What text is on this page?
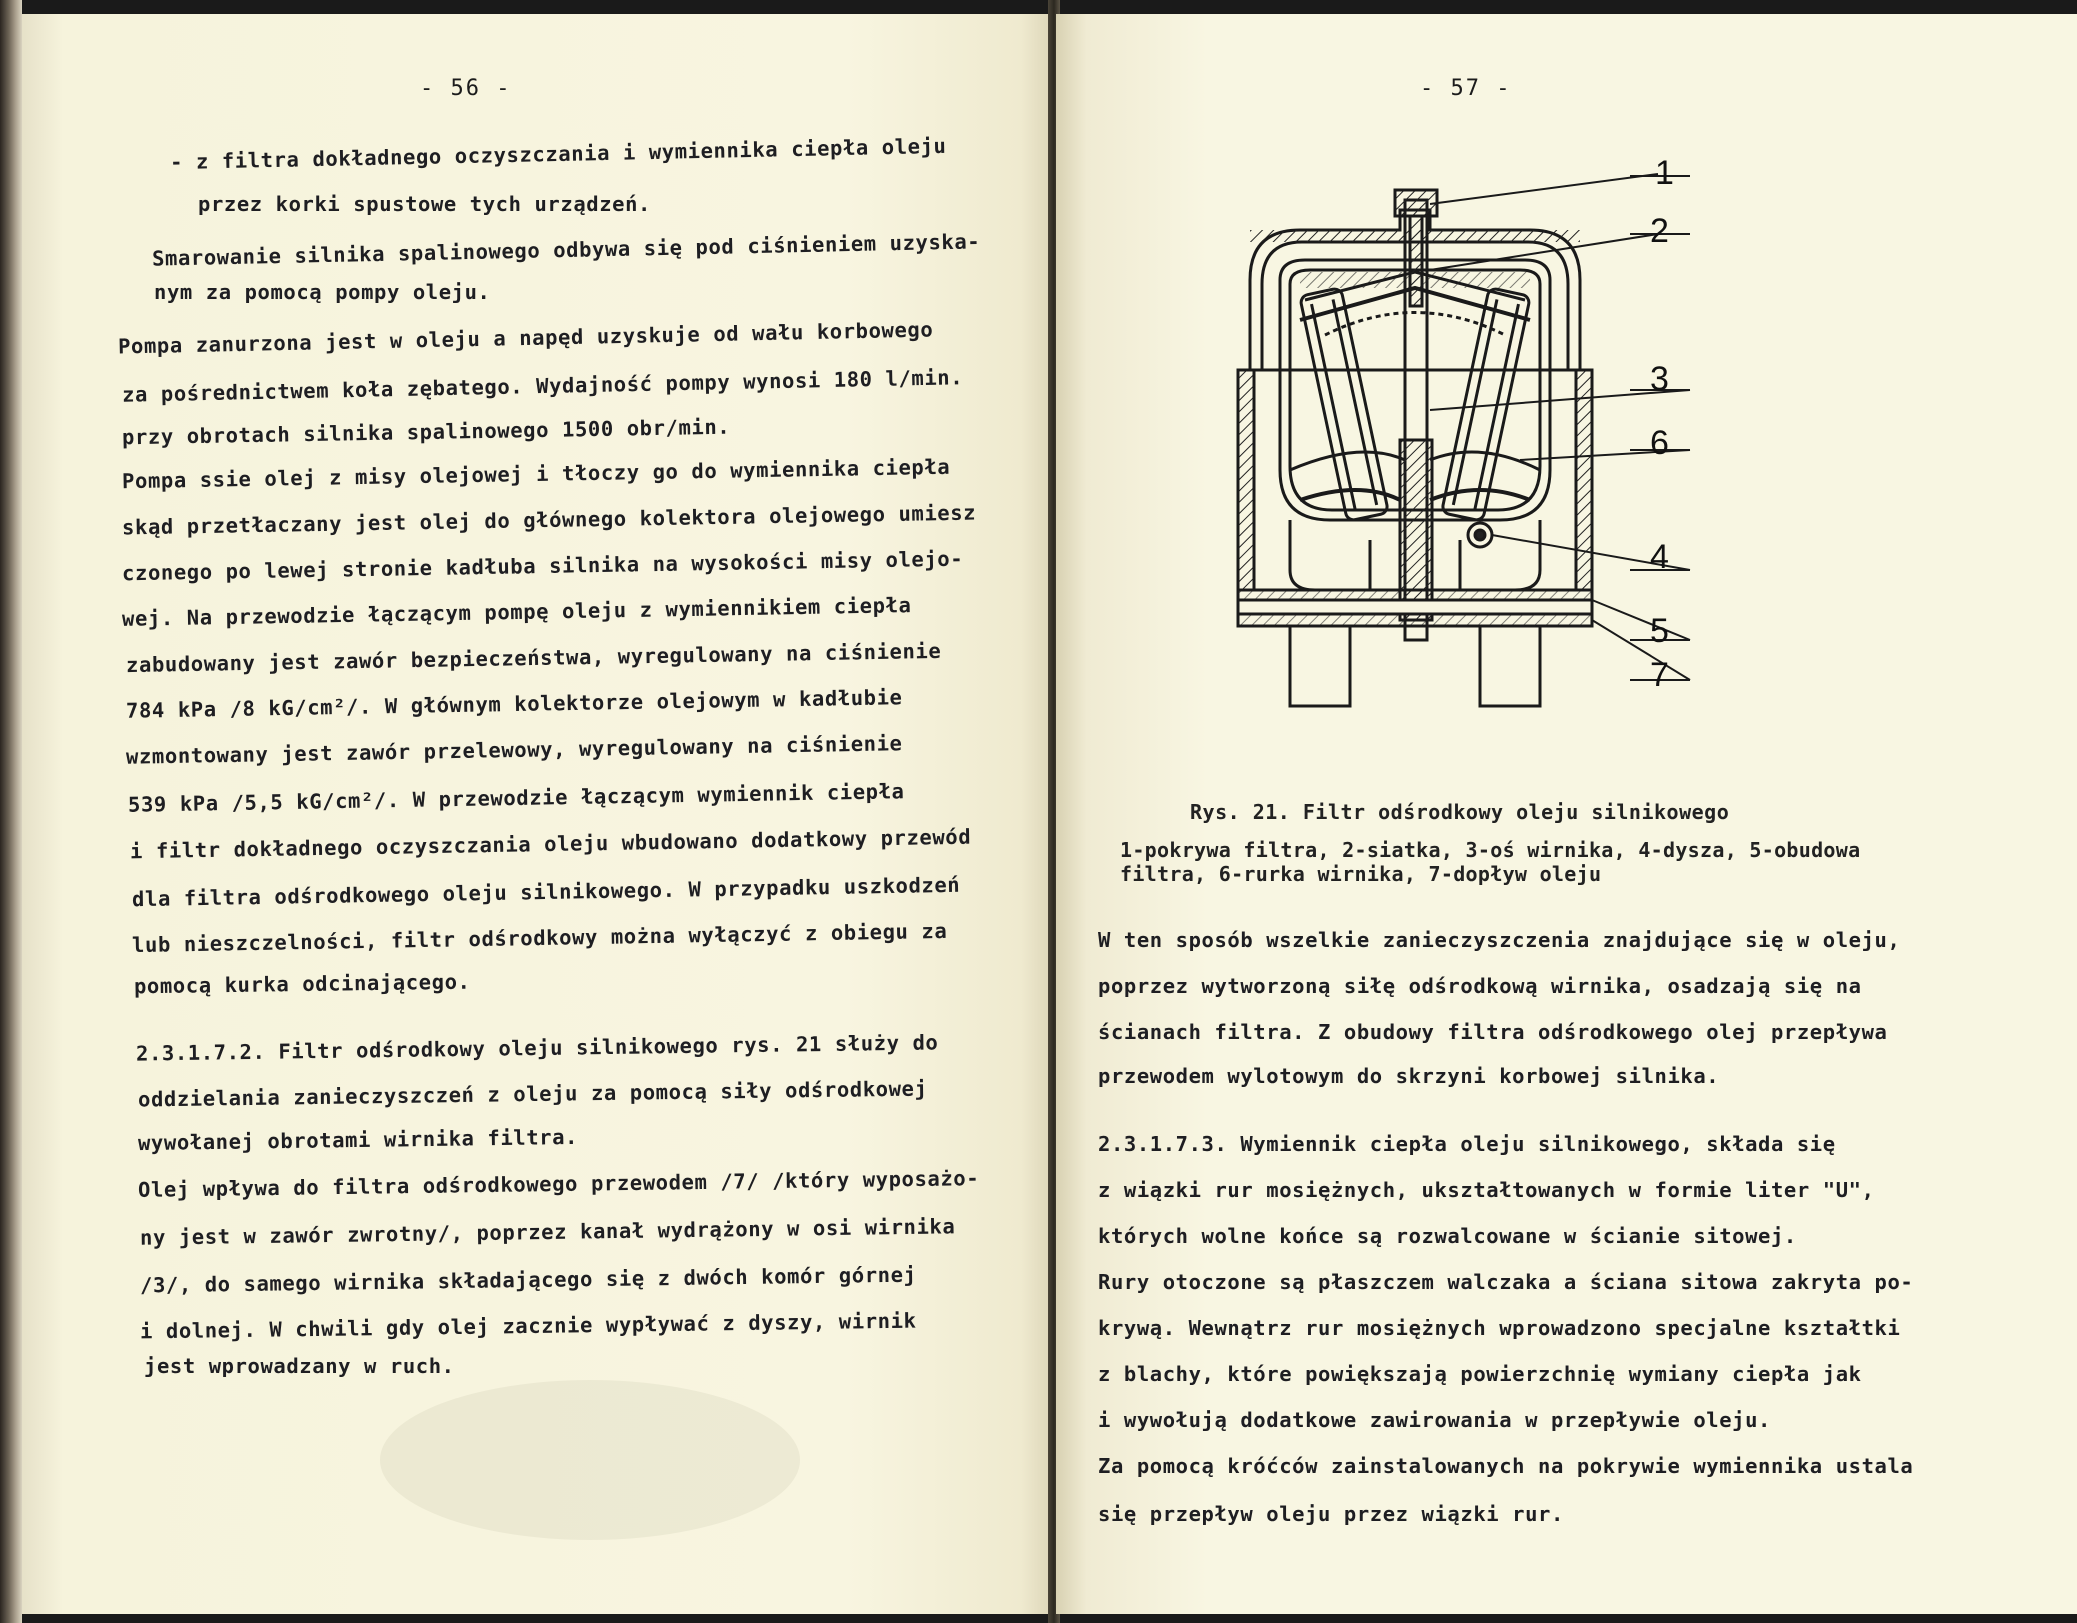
- 56 -
- z filtra dokładnego oczyszczania i wymiennika ciepła oleju
przez korki spustowe tych urządzeń.
Smarowanie silnika spalinowego odbywa się pod ciśnieniem uzyska-
nym za pomocą pompy oleju.
Pompa zanurzona jest w oleju a napęd uzyskuje od wału korbowego
za pośrednictwem koła zębatego. Wydajność pompy wynosi 180 l/min.
przy obrotach silnika spalinowego 1500 obr/min.
Pompa ssie olej z misy olejowej i tłoczy go do wymiennika ciepła
skąd przetłaczany jest olej do głównego kolektora olejowego umiesz
czonego po lewej stronie kadłuba silnika na wysokości misy olejo-
wej. Na przewodzie łączącym pompę oleju z wymiennikiem ciepła
zabudowany jest zawór bezpieczeństwa, wyregulowany na ciśnienie
784 kPa /8 kG/cm²/. W głównym kolektorze olejowym w kadłubie
wzmontowany jest zawór przelewowy, wyregulowany na ciśnienie
539 kPa /5,5 kG/cm²/. W przewodzie łączącym wymiennik ciepła
i filtr dokładnego oczyszczania oleju wbudowano dodatkowy przewód
dla filtra odśrodkowego oleju silnikowego. W przypadku uszkodzeń
lub nieszczelności, filtr odśrodkowy można wyłączyć z obiegu za
pomocą kurka odcinającego.
2.3.1.7.2. Filtr odśrodkowy oleju silnikowego rys. 21 służy do
oddzielania zanieczyszczeń z oleju za pomocą siły odśrodkowej
wywołanej obrotami wirnika filtra.
Olej wpływa do filtra odśrodkowego przewodem /7/ /który wyposażo-
ny jest w zawór zwrotny/, poprzez kanał wydrążony w osi wirnika
/3/, do samego wirnika składającego się z dwóch komór górnej
i dolnej. W chwili gdy olej zacznie wypływać z dyszy, wirnik
jest wprowadzany w ruch.
- 57 -
1
2
3
6
4
5
7
Rys. 21. Filtr odśrodkowy oleju silnikowego
1-pokrywa filtra, 2-siatka, 3-oś wirnika, 4-dysza, 5-obudowa
filtra, 6-rurka wirnika, 7-dopływ oleju
W ten sposób wszelkie zanieczyszczenia znajdujące się w oleju,
poprzez wytworzoną siłę odśrodkową wirnika, osadzają się na
ścianach filtra. Z obudowy filtra odśrodkowego olej przepływa
przewodem wylotowym do skrzyni korbowej silnika.
2.3.1.7.3. Wymiennik ciepła oleju silnikowego, składa się
z wiązki rur mosiężnych, ukształtowanych w formie liter "U",
których wolne końce są rozwalcowane w ścianie sitowej.
Rury otoczone są płaszczem walczaka a ściana sitowa zakryta po-
krywą. Wewnątrz rur mosiężnych wprowadzono specjalne kształtki
z blachy, które powiększają powierzchnię wymiany ciepła jak
i wywołują dodatkowe zawirowania w przepływie oleju.
Za pomocą króćców zainstalowanych na pokrywie wymiennika ustala
się przepływ oleju przez wiązki rur.
